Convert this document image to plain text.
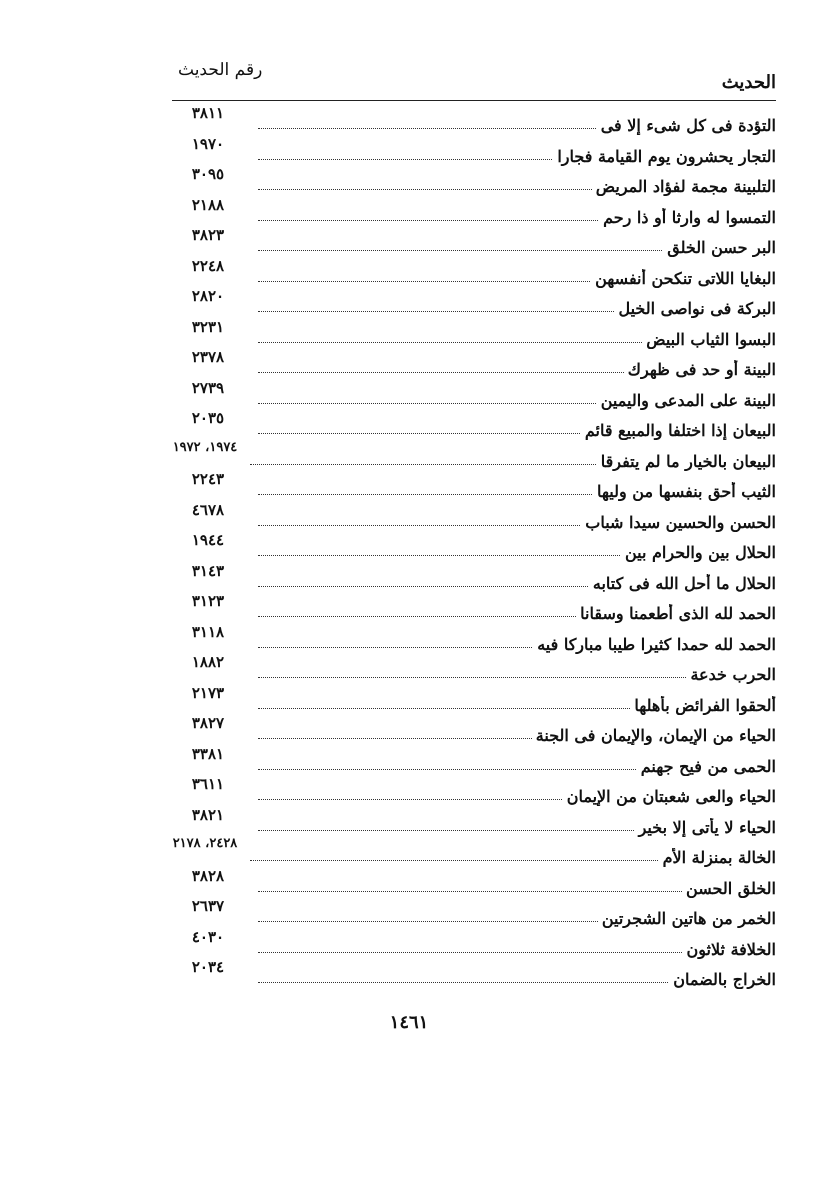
الحديث
رقم الحديث
٣٨١١
التؤدة فى كل شىء إلا فى
١٩٧٠
التجار يحشرون يوم القيامة فجارا
٣٠٩٥
التلبينة مجمة لفؤاد المريض
٢١٨٨
التمسوا له وارثا أو ذا رحم
٣٨٢٣
البر حسن الخلق
٢٢٤٨
البغايا اللاتى تنكحن أنفسهن
٢٨٢٠
البركة فى نواصى الخيل
٣٢٣١
البسوا الثياب البيض
٢٣٧٨
البينة أو حد فى ظهرك
٢٧٣٩
البينة على المدعى واليمين
٢٠٣٥
البيعان إذا اختلفا والمبيع قائم
١٩٧٤، ١٩٧٢
البيعان بالخيار ما لم يتفرقا
٢٢٤٣
الثيب أحق بنفسها من وليها
٤٦٧٨
الحسن والحسين سيدا شباب
١٩٤٤
الحلال بين والحرام بين
٣١٤٣
الحلال ما أحل الله فى كتابه
٣١٢٣
الحمد لله الذى أطعمنا وسقانا
٣١١٨
الحمد لله حمدا كثيرا طيبا مباركا فيه
١٨٨٢
الحرب خدعة
٢١٧٣
ألحقوا الفرائض بأهلها
٣٨٢٧
الحياء من الإيمان، والإيمان فى الجنة
٣٣٨١
الحمى من فيح جهنم
٣٦١١
الحياء والعى شعبتان من الإيمان
٣٨٢١
الحياء لا يأتى إلا بخير
٢٤٢٨، ٢١٧٨
الخالة بمنزلة الأم
٣٨٢٨
الخلق الحسن
٢٦٣٧
الخمر من هاتين الشجرتين
٤٠٣٠
الخلافة ثلاثون
٢٠٣٤
الخراج بالضمان
١٤٦١
